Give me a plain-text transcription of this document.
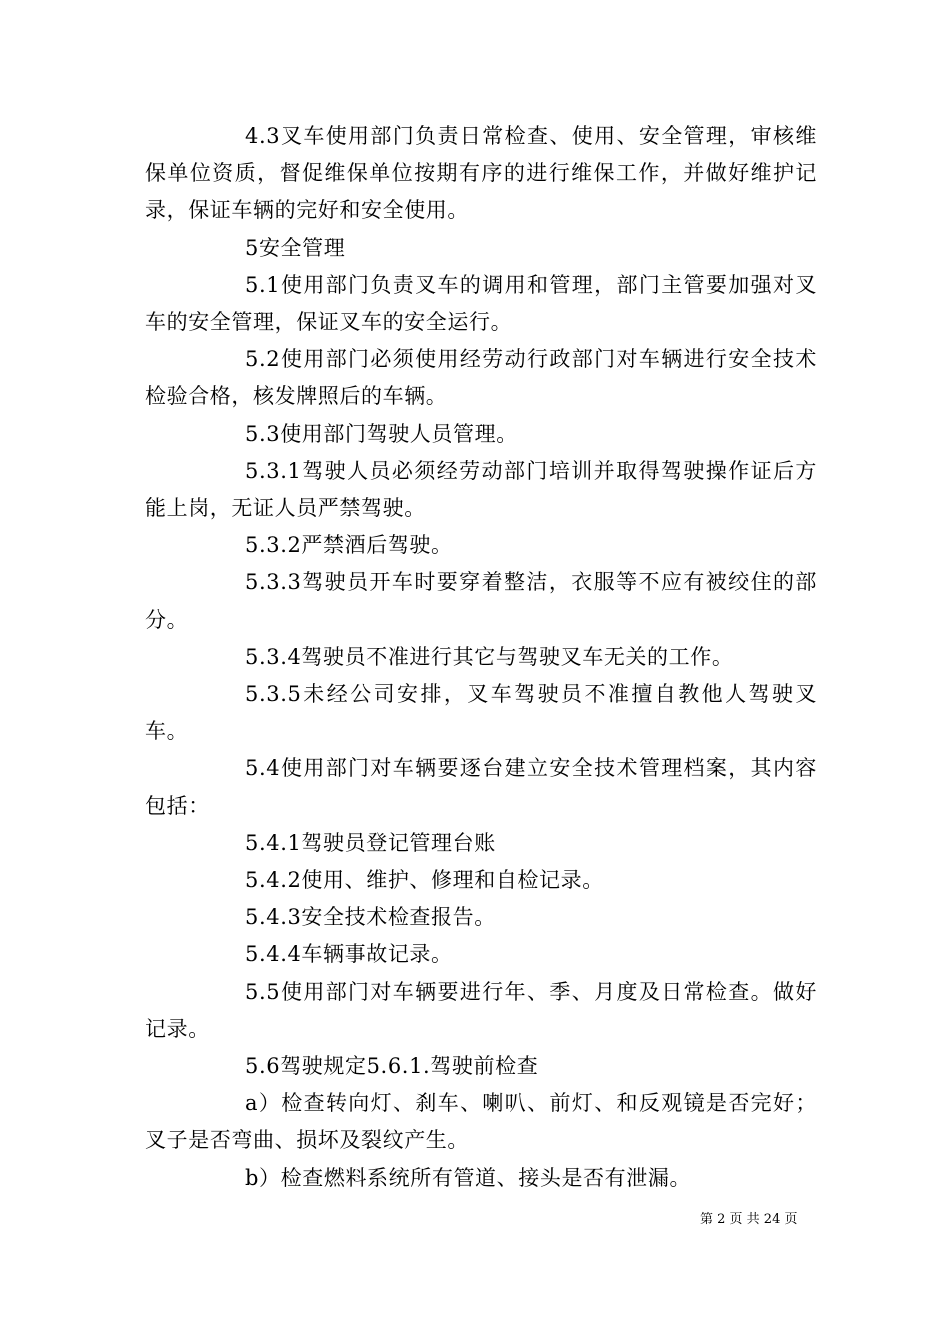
4.3叉车使用部门负责日常检查、使用、安全管理，审核维保单位资质，督促维保单位按期有序的进行维保工作，并做好维护记录，保证车辆的完好和安全使用。

5安全管理

5.1使用部门负责叉车的调用和管理，部门主管要加强对叉车的安全管理，保证叉车的安全运行。

5.2使用部门必须使用经劳动行政部门对车辆进行安全技术检验合格，核发牌照后的车辆。

5.3使用部门驾驶人员管理。

5.3.1驾驶人员必须经劳动部门培训并取得驾驶操作证后方能上岗，无证人员严禁驾驶。

5.3.2严禁酒后驾驶。

5.3.3驾驶员开车时要穿着整洁，衣服等不应有被绞住的部分。

5.3.4驾驶员不准进行其它与驾驶叉车无关的工作。

5.3.5未经公司安排，叉车驾驶员不准擅自教他人驾驶叉车。

5.4使用部门对车辆要逐台建立安全技术管理档案，其内容包括：

5.4.1驾驶员登记管理台账

5.4.2使用、维护、修理和自检记录。

5.4.3安全技术检查报告。

5.4.4车辆事故记录。

5.5使用部门对车辆要进行年、季、月度及日常检查。做好记录。

5.6驾驶规定5.6.1.驾驶前检查

a）检查转向灯、刹车、喇叭、前灯、和反观镜是否完好；叉子是否弯曲、损坏及裂纹产生。

b）检查燃料系统所有管道、接头是否有泄漏。

第 2 页 共 24 页
